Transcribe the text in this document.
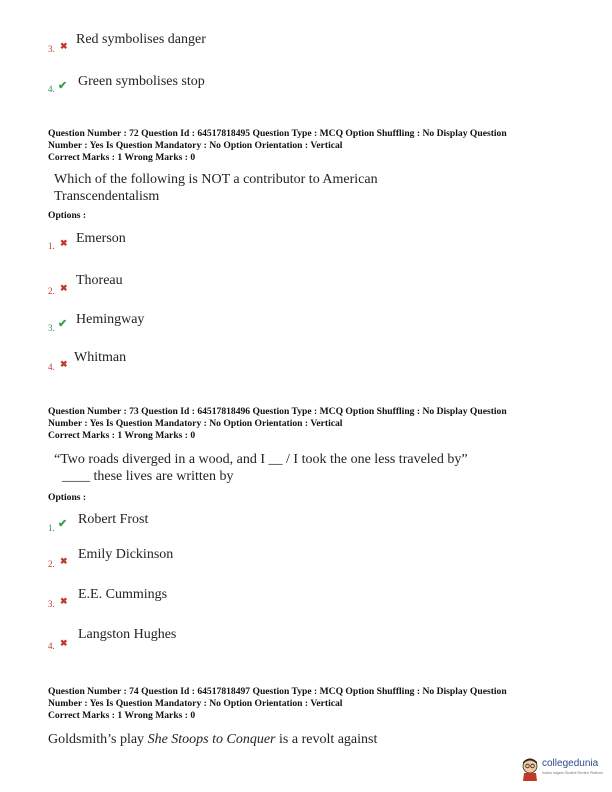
3. ✖ Red symbolises danger
4. ✔ Green symbolises stop
Question Number : 72 Question Id : 64517818495 Question Type : MCQ Option Shuffling : No Display Question
Number : Yes Is Question Mandatory : No Option Orientation : Vertical
Correct Marks : 1 Wrong Marks : 0
Which of the following is NOT a contributor to American
Transcendentalism
Options :
1. ✖ Emerson
2. ✖ Thoreau
3. ✔ Hemingway
4. ✖ Whitman
Question Number : 73 Question Id : 64517818496 Question Type : MCQ Option Shuffling : No Display Question
Number : Yes Is Question Mandatory : No Option Orientation : Vertical
Correct Marks : 1 Wrong Marks : 0
“Two roads diverged in a wood, and I __ / I took the one less traveled by”
____ these lives are written by
Options :
1. ✔ Robert Frost
2. ✖ Emily Dickinson
3. ✖ E.E. Cummings
4. ✖
Langston Hughes
Question Number : 74 Question Id : 64517818497 Question Type : MCQ Option Shuffling : No Display Question
Number : Yes Is Question Mandatory : No Option Orientation : Vertical
Correct Marks : 1 Wrong Marks : 0
Goldsmith’s play She Stoops to Conquer is a revolt against
collegedunia
India's largest Student Review Platform
